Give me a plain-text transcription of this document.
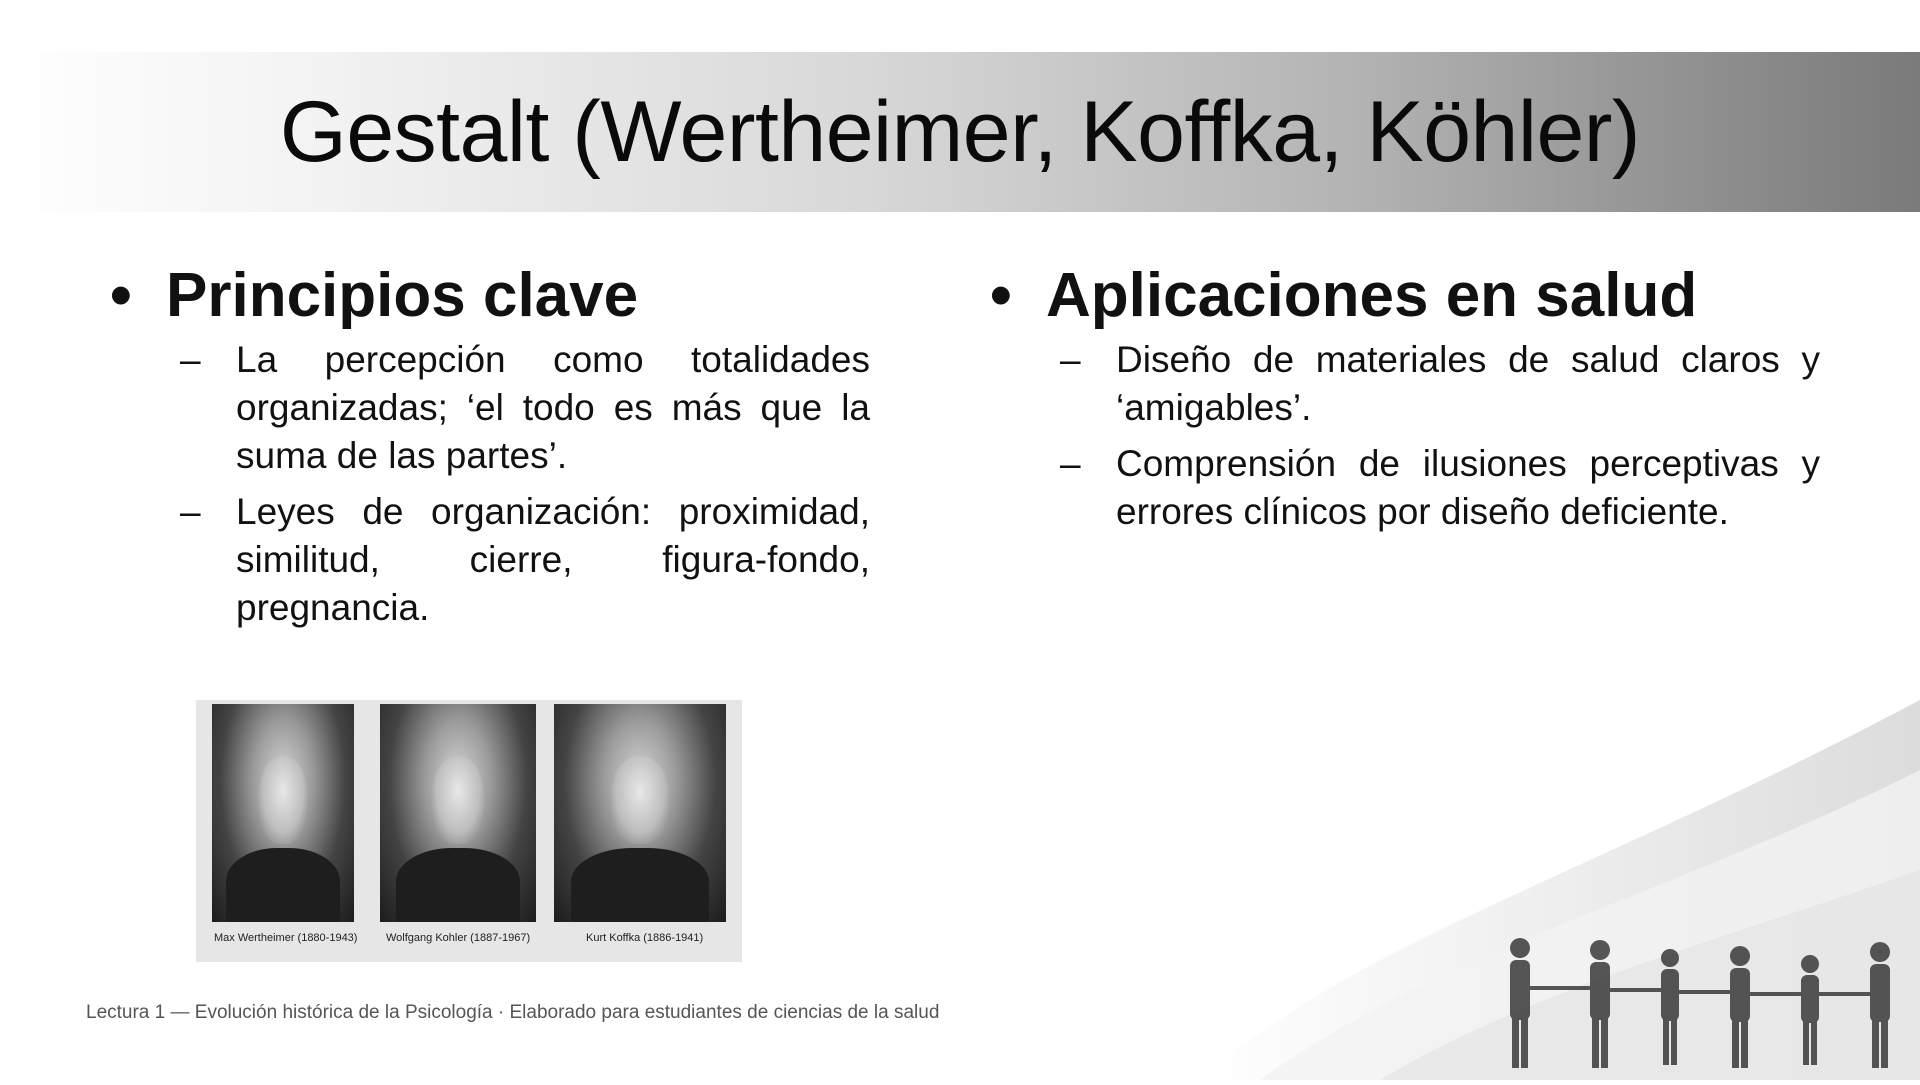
Gestalt (Wertheimer, Koffka, Köhler)
• Principios clave
– La percepción como totalidades organizadas; ‘el todo es más que la suma de las partes’.
– Leyes de organización: proximidad, similitud, cierre, figura-fondo, pregnancia.
• Aplicaciones en salud
– Diseño de materiales de salud claros y ‘amigables’.
– Comprensión de ilusiones perceptivas y errores clínicos por diseño deficiente.
Max Wertheimer (1880-1943)	Wolfgang Kohler (1887-1967)	Kurt Koffka (1886-1941)
Lectura 1 — Evolución histórica de la Psicología · Elaborado para estudiantes de ciencias de la salud
